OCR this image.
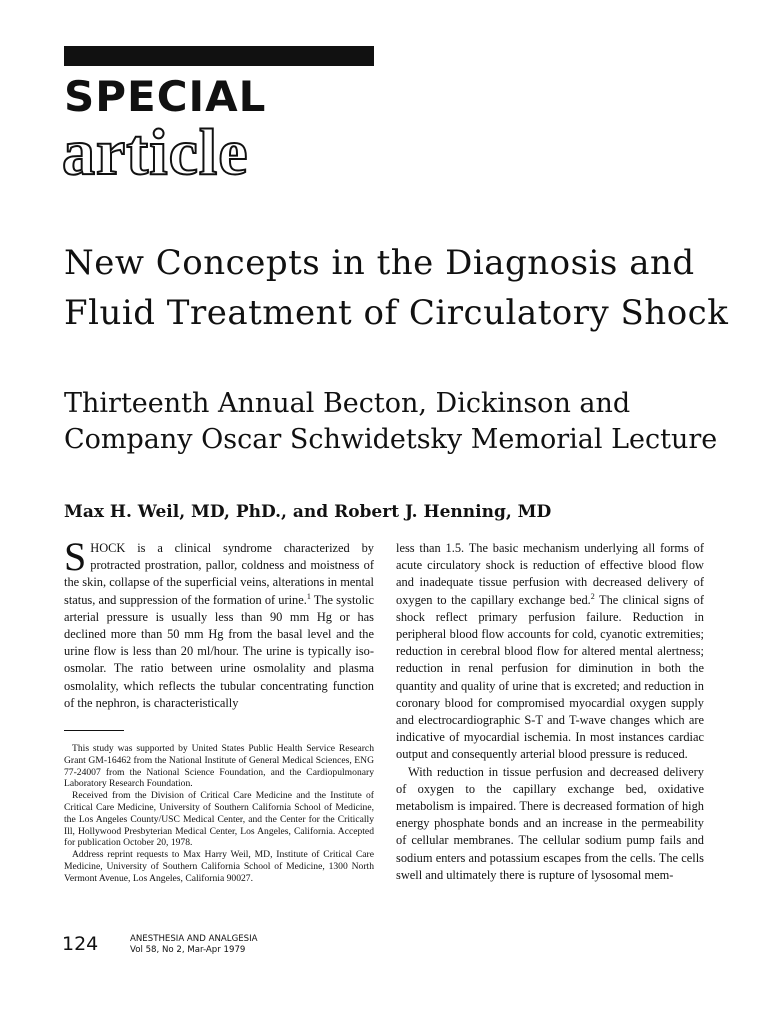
SPECIAL
article
New Concepts in the Diagnosis and Fluid Treatment of Circulatory Shock
Thirteenth Annual Becton, Dickinson and Company Oscar Schwidetsky Memorial Lecture
Max H. Weil, MD, PhD., and Robert J. Henning, MD

SHOCK is a clinical syndrome characterized by protracted prostration, pallor, coldness and moistness of the skin, collapse of the superficial veins, alterations in mental status, and suppression of the formation of urine.$^1$ The systolic arterial pressure is usually less than 90 mm Hg or has declined more than 50 mm Hg from the basal level and the urine flow is less than 20 ml/hour. The urine is typically iso-osmolar. The ratio between urine osmolality and plasma osmolality, which reflects the tubular concentrating function of the nephron, is characteristically

This study was supported by United States Public Health Service Research Grant GM-16462 from the National Institute of General Medical Sciences, ENG 77-24007 from the National Science Foundation, and the Cardiopulmonary Laboratory Research Foundation.

Received from the Division of Critical Care Medicine and the Institute of Critical Care Medicine, University of Southern California School of Medicine, the Los Angeles County/USC Medical Center, and the Center for the Critically Ill, Hollywood Presbyterian Medical Center, Los Angeles, California. Accepted for publication October 20, 1978.

Address reprint requests to Max Harry Weil, MD, Institute of Critical Care Medicine, University of Southern California School of Medicine, 1300 North Vermont Avenue, Los Angeles, California 90027.

less than 1.5. The basic mechanism underlying all forms of acute circulatory shock is reduction of effective blood flow and inadequate tissue perfusion with decreased delivery of oxygen to the capillary exchange bed.$^2$ The clinical signs of shock reflect primary perfusion failure. Reduction in peripheral blood flow accounts for cold, cyanotic extremities; reduction in cerebral blood flow for altered mental alertness; reduction in renal perfusion for diminution in both the quantity and quality of urine that is excreted; and reduction in coronary blood for compromised myocardial oxygen supply and electrocardiographic S-T and T-wave changes which are indicative of myocardial ischemia. In most instances cardiac output and consequently arterial blood pressure is reduced.

With reduction in tissue perfusion and decreased delivery of oxygen to the capillary exchange bed, oxidative metabolism is impaired. There is decreased formation of high energy phosphate bonds and an increase in the permeability of cellular membranes. The cellular sodium pump fails and sodium enters and potassium escapes from the cells. The cells swell and ultimately there is rupture of lysosomal mem-

124	ANESTHESIA AND ANALGESIA
Vol 58, No 2, Mar-Apr 1979
